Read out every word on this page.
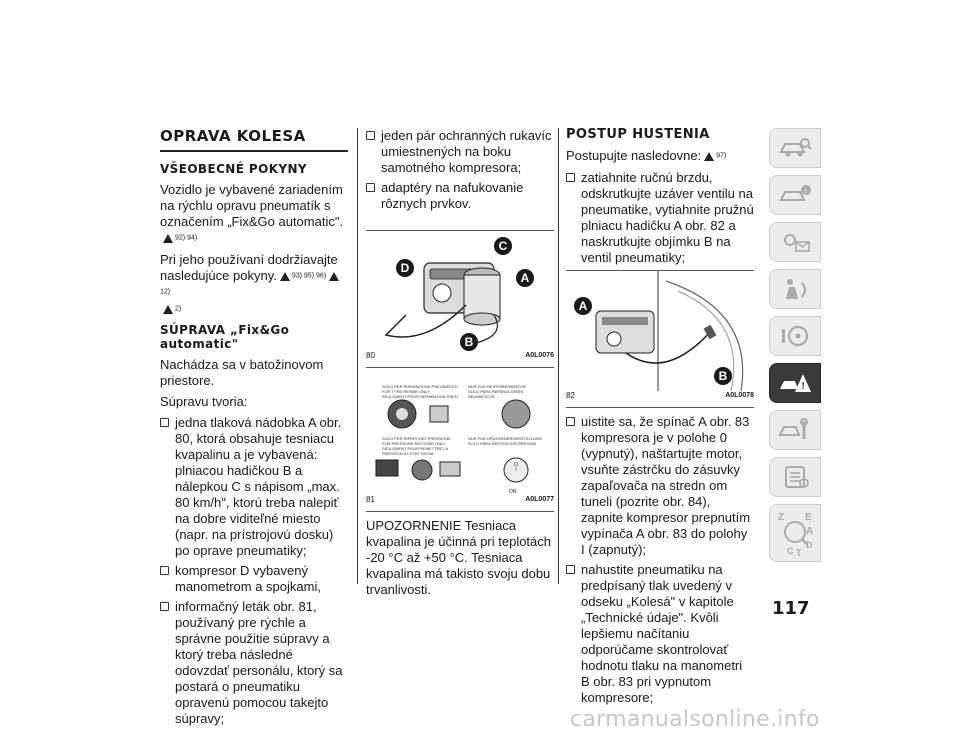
OPRAVA KOLESA
VŠEOBECNÉ POKYNY

Vozidlo je vybavené zariadením na rýchlu opravu pneumatík s označením „Fix&Go automatic".92) 94)

Pri jeho používaní dodržiavajte nasledujúce pokyny. 93) 95) 96)12)
2)

SÚPRAVA „Fix&Go automatic"

Nachádza sa v batožinovom priestore.

Súpravu tvoria:

jedna tlaková nádobka A obr. 80, ktorá obsahuje tesniacu kvapalinu a je vybavená: plniacou hadičkou B a nálepkou C s nápisom „max. 80 km/h", ktorú treba nalepiť na dobre viditeľné miesto (napr. na prístrojovú dosku) po oprave pneumatiky;
kompresor D vybavený manometrom a spojkami,
informačný leták obr. 81, používaný pre rýchle a správne použitie súpravy a ktorý treba následné odovzdať personálu, ktorý sa postará o pneumatiku opravenú pomocou takejto súpravy;
jeden pár ochranných rukavíc umiestnených na boku samotného kompresora;
adaptéry na nafukovanie rôznych prvkov.
C
D
A
B
80	A0L0076
SOLO PER RIPARAZIONE PNEUMATICO
FOR TYRE REPAIR ONLY
SEULEMENT POUR REPARATION PNEU
NUR FUR REIFENREPARATUR
SOLO PARA REPARACIONES NEUMATICOS
SOLO PER RIPRISTINO PRESSIONE
FOR PRESSURE RESTORE ONLY
SEULEMENT POUR REMETTRE LA
PRESSION A L'ETAT INITIAL
NUR FUR DRUCKEDERHERSTELLUNG
SOLO PARA REPOSICION PRESION
O
I
ON
81	A0L0077

UPOZORNENIE Tesniaca kvapalina je účinná pri teplotách -20 °C až +50 °C. Tesniaca kvapalina má takisto svoju dobu trvanlivosti.

POSTUP HUSTENIA

Postupujte nasledovne: 97)

zatiahnite ručnú brzdu, odskrutkujte uzáver ventilu na pneumatike, vytiahnite pružnú plniacu hadičku A obr. 82 a naskrutkujte objímku B na ventil pneumatiky;
A
B
82	A0L0078
uistite sa, že spínač A obr. 83 kompresora je v polohe 0 (vypnutý), naštartujte motor, vsuňte zástrčku do zásuvky zapaľovača na stredn om tuneli (pozrite obr. 84), zapnite kompresor prepnutím vypínača A obr. 83 do polohy I (zapnutý);
nahustite pneumatiku na predpísaný tlak uvedený v odseku „Kolesá" v kapitole „Technické údaje". Kvôli lepšiemu načítaniu odporúčame skontrolovať hodnotu tlaku na manometri B obr. 83 pri vypnutom kompresore;
i
!
Z E
A
D
C T
117
carmanualsonline.info
